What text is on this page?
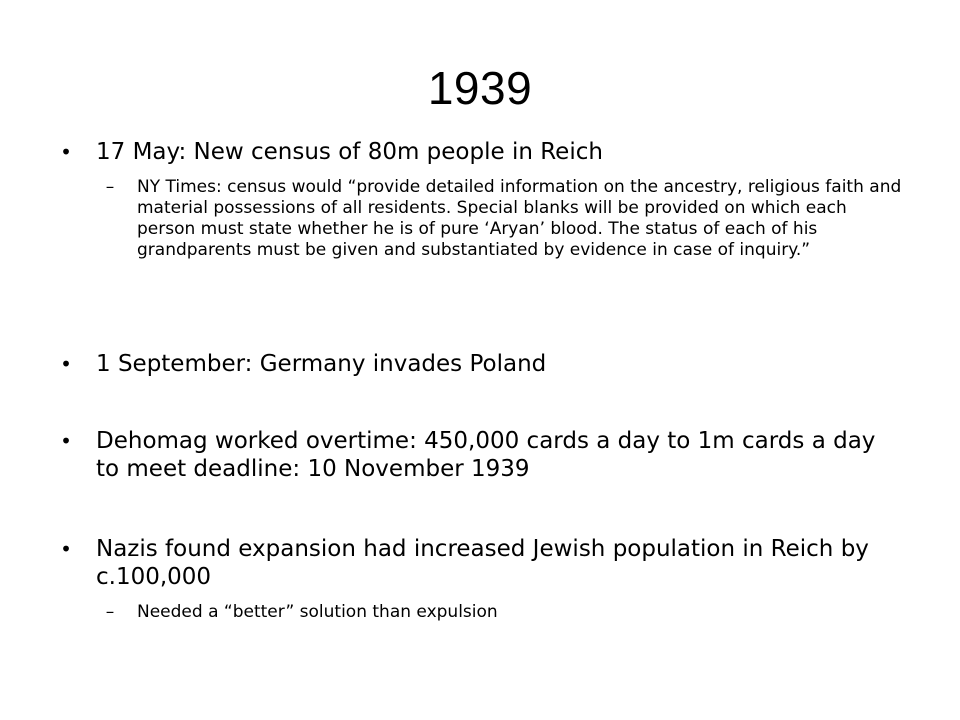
1939
• 17 May: New census of 80m people in Reich
– NY Times: census would “provide detailed information on the ancestry, religious faith and material possessions of all residents. Special blanks will be provided on which each person must state whether he is of pure ‘Aryan’ blood. The status of each of his grandparents must be given and substantiated by evidence in case of inquiry.”
• 1 September: Germany invades Poland
• Dehomag worked overtime: 450,000 cards a day to 1m cards a day to meet deadline: 10 November 1939
• Nazis found expansion had increased Jewish population in Reich by c.100,000
– Needed a “better” solution than expulsion
